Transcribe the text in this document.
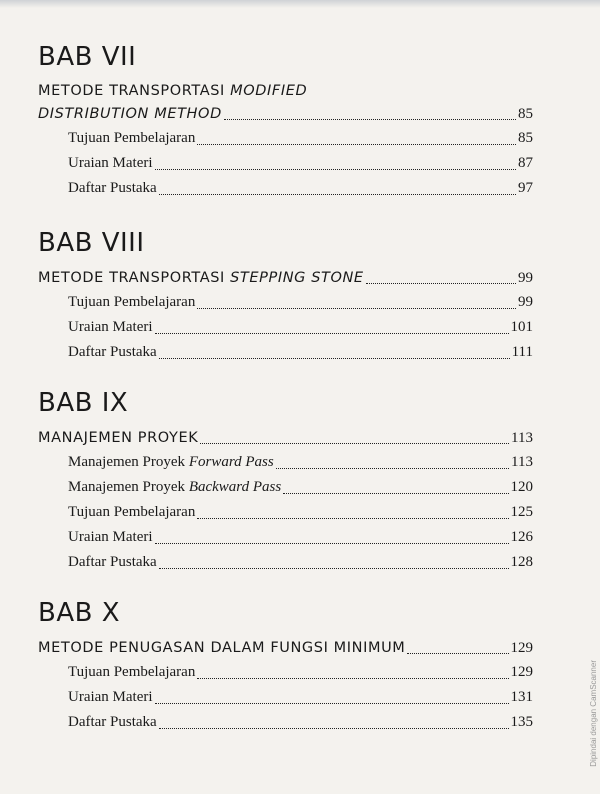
BAB VII
METODE TRANSPORTASI MODIFIED
DISTRIBUTION METHOD	85
Tujuan Pembelajaran	85
Uraian Materi	87
Daftar Pustaka	97
BAB VIII
METODE TRANSPORTASI STEPPING STONE	99
Tujuan Pembelajaran	99
Uraian Materi	101
Daftar Pustaka	111
BAB IX
MANAJEMEN PROYEK	113
Manajemen Proyek Forward Pass	113
Manajemen Proyek Backward Pass	120
Tujuan Pembelajaran	125
Uraian Materi	126
Daftar Pustaka	128
BAB X
METODE PENUGASAN DALAM FUNGSI MINIMUM	129
Tujuan Pembelajaran	129
Uraian Materi	131
Daftar Pustaka	135	Dipindai dengan CamScanner
